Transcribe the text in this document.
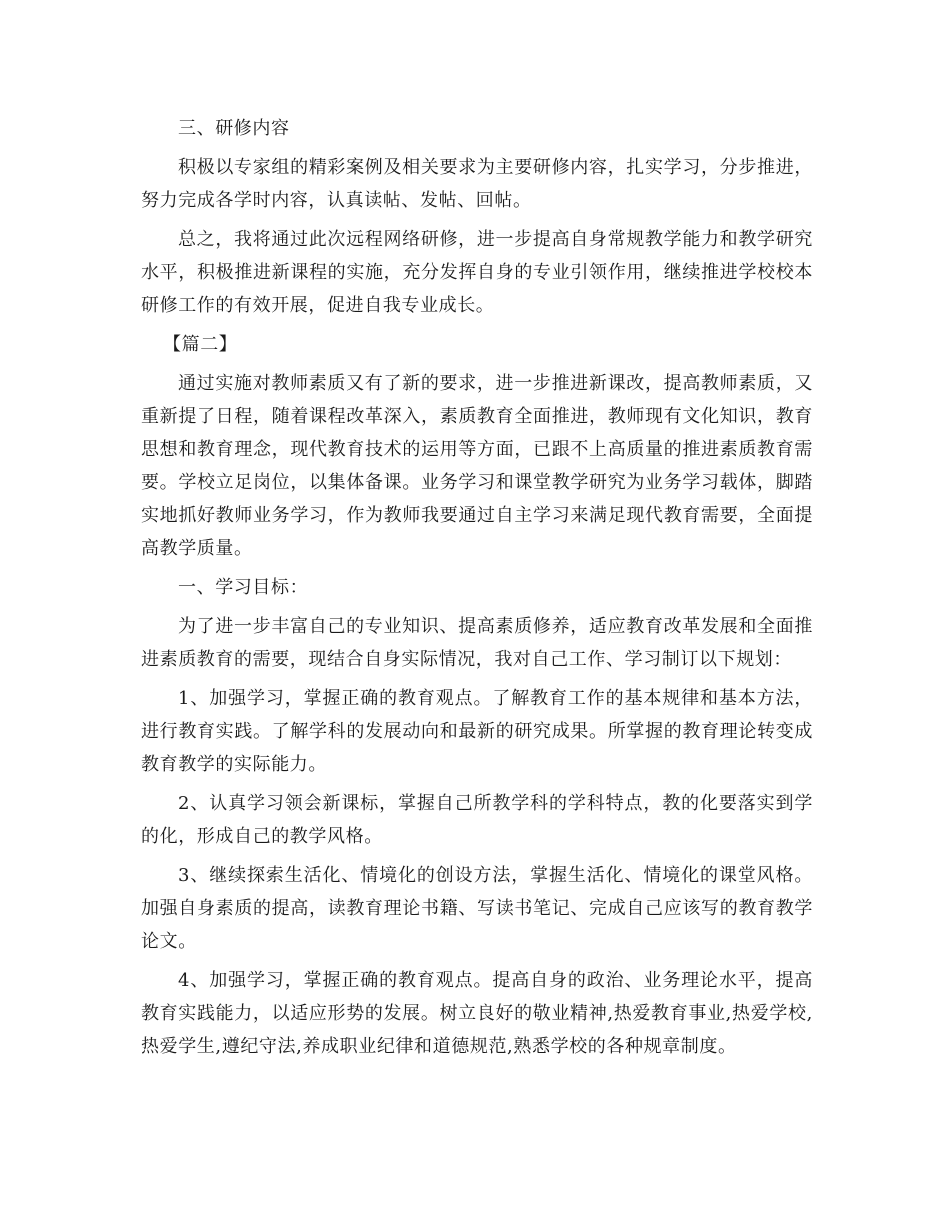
三、研修内容

积极以专家组的精彩案例及相关要求为主要研修内容，扎实学习，分步推进，努力完成各学时内容，认真读帖、发帖、回帖。

总之，我将通过此次远程网络研修，进一步提高自身常规教学能力和教学研究水平，积极推进新课程的实施，充分发挥自身的专业引领作用，继续推进学校校本研修工作的有效开展，促进自我专业成长。

【篇二】

通过实施对教师素质又有了新的要求，进一步推进新课改，提高教师素质，又重新提了日程，随着课程改革深入，素质教育全面推进，教师现有文化知识，教育思想和教育理念，现代教育技术的运用等方面，已跟不上高质量的推进素质教育需要。学校立足岗位，以集体备课。业务学习和课堂教学研究为业务学习载体，脚踏实地抓好教师业务学习，作为教师我要通过自主学习来满足现代教育需要，全面提高教学质量。

一、学习目标：

为了进一步丰富自己的专业知识、提高素质修养，适应教育改革发展和全面推进素质教育的需要，现结合自身实际情况，我对自己工作、学习制订以下规划：

1、加强学习，掌握正确的教育观点。了解教育工作的基本规律和基本方法，进行教育实践。了解学科的发展动向和最新的研究成果。所掌握的教育理论转变成教育教学的实际能力。

2、认真学习领会新课标，掌握自己所教学科的学科特点，教的化要落实到学的化，形成自己的教学风格。

3、继续探索生活化、情境化的创设方法，掌握生活化、情境化的课堂风格。加强自身素质的提高，读教育理论书籍、写读书笔记、完成自己应该写的教育教学论文。

4、加强学习，掌握正确的教育观点。提高自身的政治、业务理论水平，提高教育实践能力，以适应形势的发展。树立良好的敬业精神,热爱教育事业,热爱学校,热爱学生,遵纪守法,养成职业纪律和道德规范,熟悉学校的各种规章制度。
